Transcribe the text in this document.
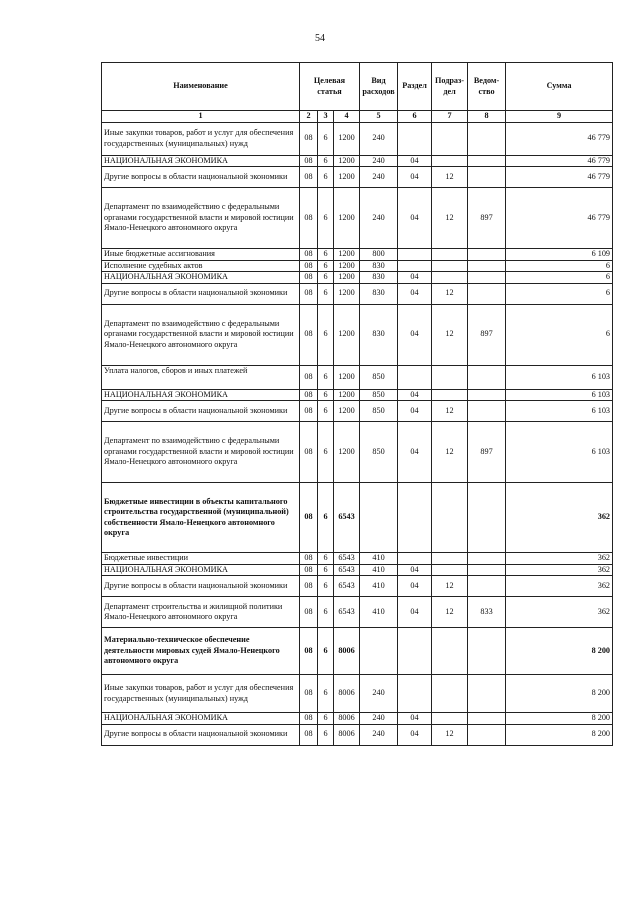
54
Наименование	Целевая статья			Вид расходов	Раздел	Подраз-дел	Ведом-ство	Сумма
1	2	3	4	5	6	7	8	9
Иные закупки товаров, работ и услуг для обеспечения государственных (муниципальных) нужд	08	6	1200	240				46 779
НАЦИОНАЛЬНАЯ ЭКОНОМИКА	08	6	1200	240	04			46 779
Другие вопросы в области национальной экономики	08	6	1200	240	04	12		46 779
Департамент по взаимодействию с федеральными органами государственной власти и мировой юстиции Ямало-Ненецкого автономного округа	08	6	1200	240	04	12	897	46 779
Иные бюджетные ассигнования	08	6	1200	800				6 109
Исполнение судебных актов	08	6	1200	830				6
НАЦИОНАЛЬНАЯ ЭКОНОМИКА	08	6	1200	830	04			6
Другие вопросы в области национальной экономики	08	6	1200	830	04	12		6
Департамент по взаимодействию с федеральными органами государственной власти и мировой юстиции Ямало-Ненецкого автономного округа	08	6	1200	830	04	12	897	6
Уплата налогов, сборов и иных платежей	08	6	1200	850				6 103
НАЦИОНАЛЬНАЯ ЭКОНОМИКА	08	6	1200	850	04			6 103
Другие вопросы в области национальной экономики	08	6	1200	850	04	12		6 103
Департамент по взаимодействию с федеральными органами государственной власти и мировой юстиции Ямало-Ненецкого автономного округа	08	6	1200	850	04	12	897	6 103
Бюджетные инвестиции в объекты капитального строительства государственной (муниципальной) собственности Ямало-Ненецкого автономного округа	08	6	6543					362
Бюджетные инвестиции	08	6	6543	410				362
НАЦИОНАЛЬНАЯ ЭКОНОМИКА	08	6	6543	410	04			362
Другие вопросы в области национальной экономики	08	6	6543	410	04	12		362
Департамент строительства и жилищной политики Ямало-Ненецкого автономного округа	08	6	6543	410	04	12	833	362
Материально-техническое обеспечение деятельности мировых судей Ямало-Ненецкого автономного округа	08	6	8006					8 200
Иные закупки товаров, работ и услуг для обеспечения государственных (муниципальных) нужд	08	6	8006	240				8 200
НАЦИОНАЛЬНАЯ ЭКОНОМИКА	08	6	8006	240	04			8 200
Другие вопросы в области национальной экономики	08	6	8006	240	04	12		8 200
